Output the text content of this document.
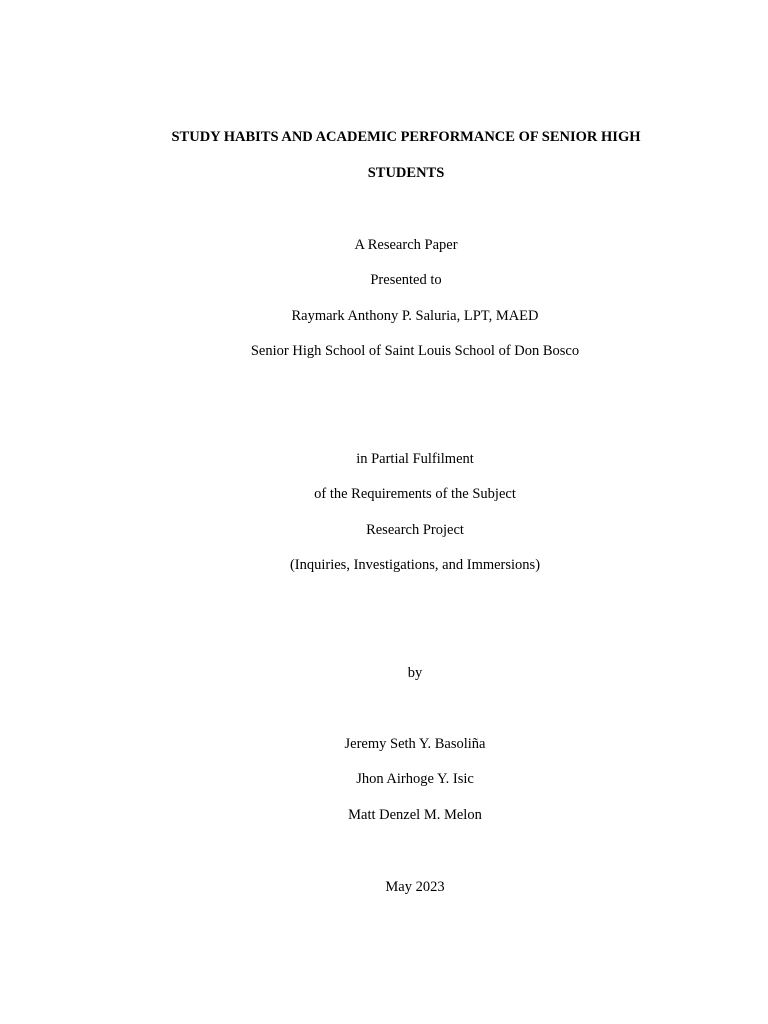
STUDY HABITS AND ACADEMIC PERFORMANCE OF SENIOR HIGH
STUDENTS
A Research Paper
Presented to
Raymark Anthony P. Saluria, LPT, MAED
Senior High School of Saint Louis School of Don Bosco
in Partial Fulfilment
of the Requirements of the Subject
Research Project
(Inquiries, Investigations, and Immersions)
by
Jeremy Seth Y. Basoliña
Jhon Airhoge Y. Isic
Matt Denzel M. Melon
May 2023
